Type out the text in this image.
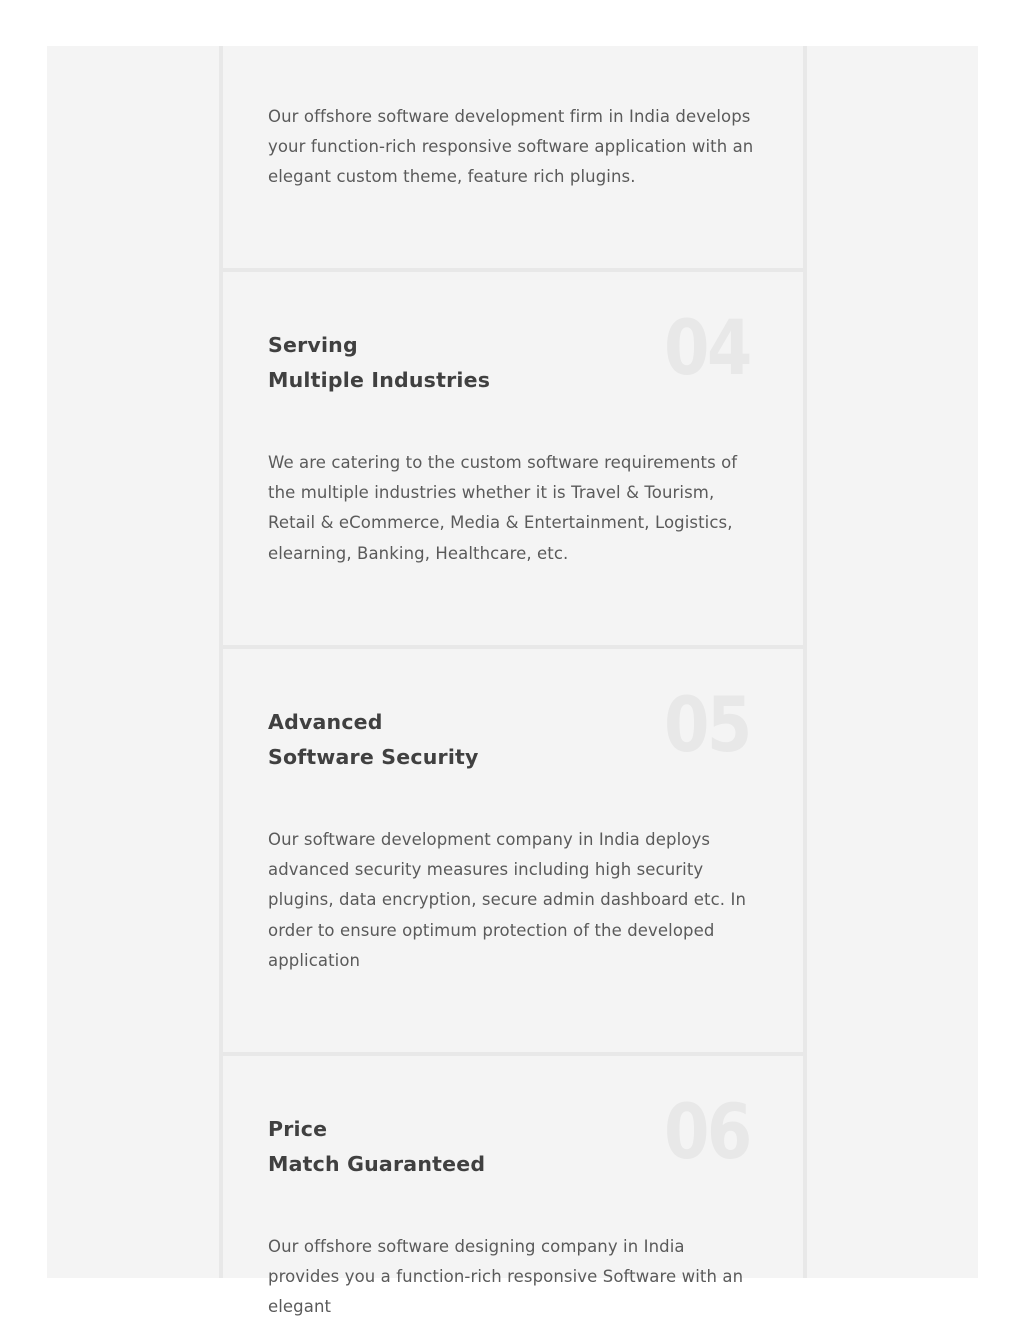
Our offshore software development firm in India develops your function-rich responsive software application with an elegant custom theme, feature rich plugins.

04
Serving
Multiple Industries

We are catering to the custom software requirements of the multiple industries whether it is Travel & Tourism, Retail & eCommerce, Media & Entertainment, Logistics, elearning, Banking, Healthcare, etc.

05
Advanced
Software Security

Our software development company in India deploys advanced security measures including high security plugins, data encryption, secure admin dashboard etc. In order to ensure optimum protection of the developed application

06
Price
Match Guaranteed

Our offshore software designing company in India provides you a function-rich responsive Software with an elegant
